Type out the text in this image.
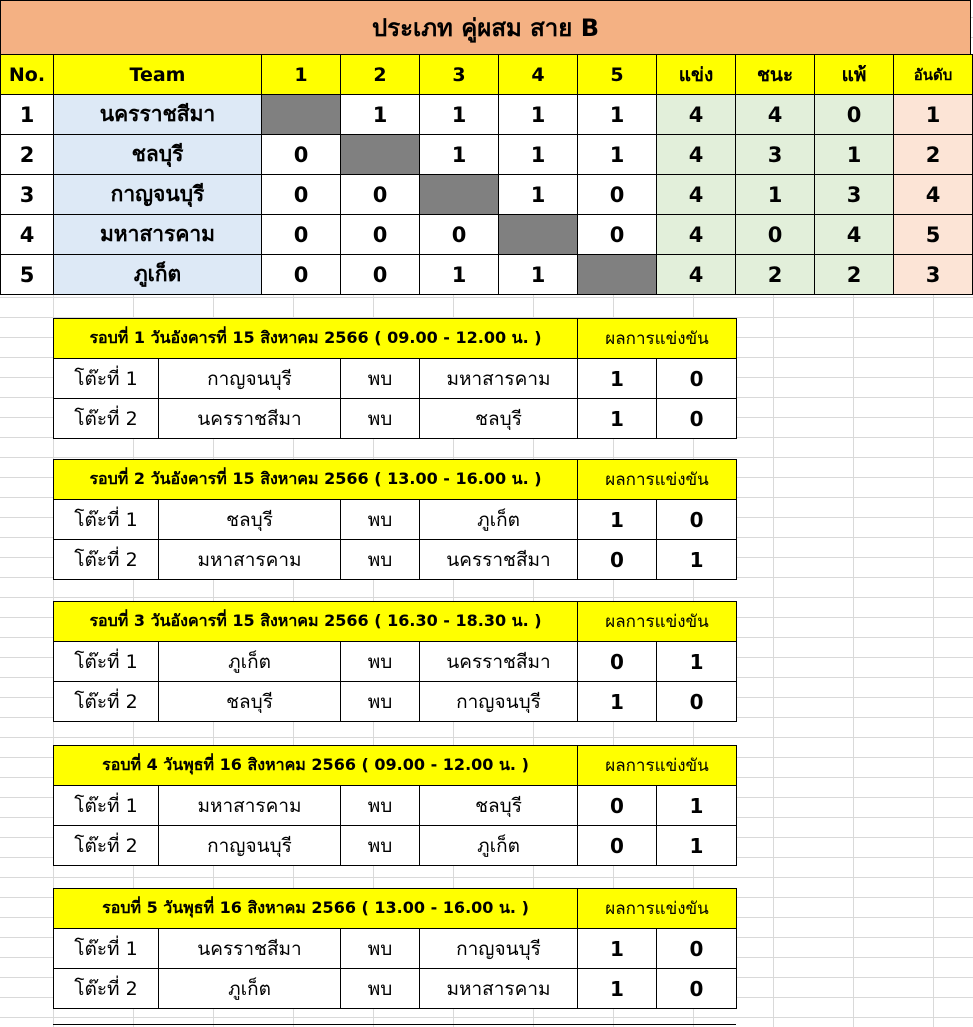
ประเภท คู่ผสม สาย B
No.	Team	1	2	3	4	5	แข่ง	ชนะ	แพ้	อันดับ
1	นครราชสีมา		1	1	1	1	4	4	0	1
2	ชลบุรี	0		1	1	1	4	3	1	2
3	กาญจนบุรี	0	0		1	0	4	1	3	4
4	มหาสารคาม	0	0	0		0	4	0	4	5
5	ภูเก็ต	0	0	1	1		4	2	2	3
รอบที่ 1 วันอังคารที่ 15 สิงหาคม 2566 ( 09.00 - 12.00 น. )				ผลการแข่งขัน	
โต๊ะที่ 1	กาญจนบุรี	พบ	มหาสารคาม	1	0
โต๊ะที่ 2	นครราชสีมา	พบ	ชลบุรี	1	0
รอบที่ 2 วันอังคารที่ 15 สิงหาคม 2566 ( 13.00 - 16.00 น. )				ผลการแข่งขัน	
โต๊ะที่ 1	ชลบุรี	พบ	ภูเก็ต	1	0
โต๊ะที่ 2	มหาสารคาม	พบ	นครราชสีมา	0	1
รอบที่ 3 วันอังคารที่ 15 สิงหาคม 2566 ( 16.30 - 18.30 น. )				ผลการแข่งขัน	
โต๊ะที่ 1	ภูเก็ต	พบ	นครราชสีมา	0	1
โต๊ะที่ 2	ชลบุรี	พบ	กาญจนบุรี	1	0
รอบที่ 4 วันพุธที่ 16 สิงหาคม 2566 ( 09.00 - 12.00 น. )				ผลการแข่งขัน	
โต๊ะที่ 1	มหาสารคาม	พบ	ชลบุรี	0	1
โต๊ะที่ 2	กาญจนบุรี	พบ	ภูเก็ต	0	1
รอบที่ 5 วันพุธที่ 16 สิงหาคม 2566 ( 13.00 - 16.00 น. )				ผลการแข่งขัน	
โต๊ะที่ 1	นครราชสีมา	พบ	กาญจนบุรี	1	0
โต๊ะที่ 2	ภูเก็ต	พบ	มหาสารคาม	1	0
